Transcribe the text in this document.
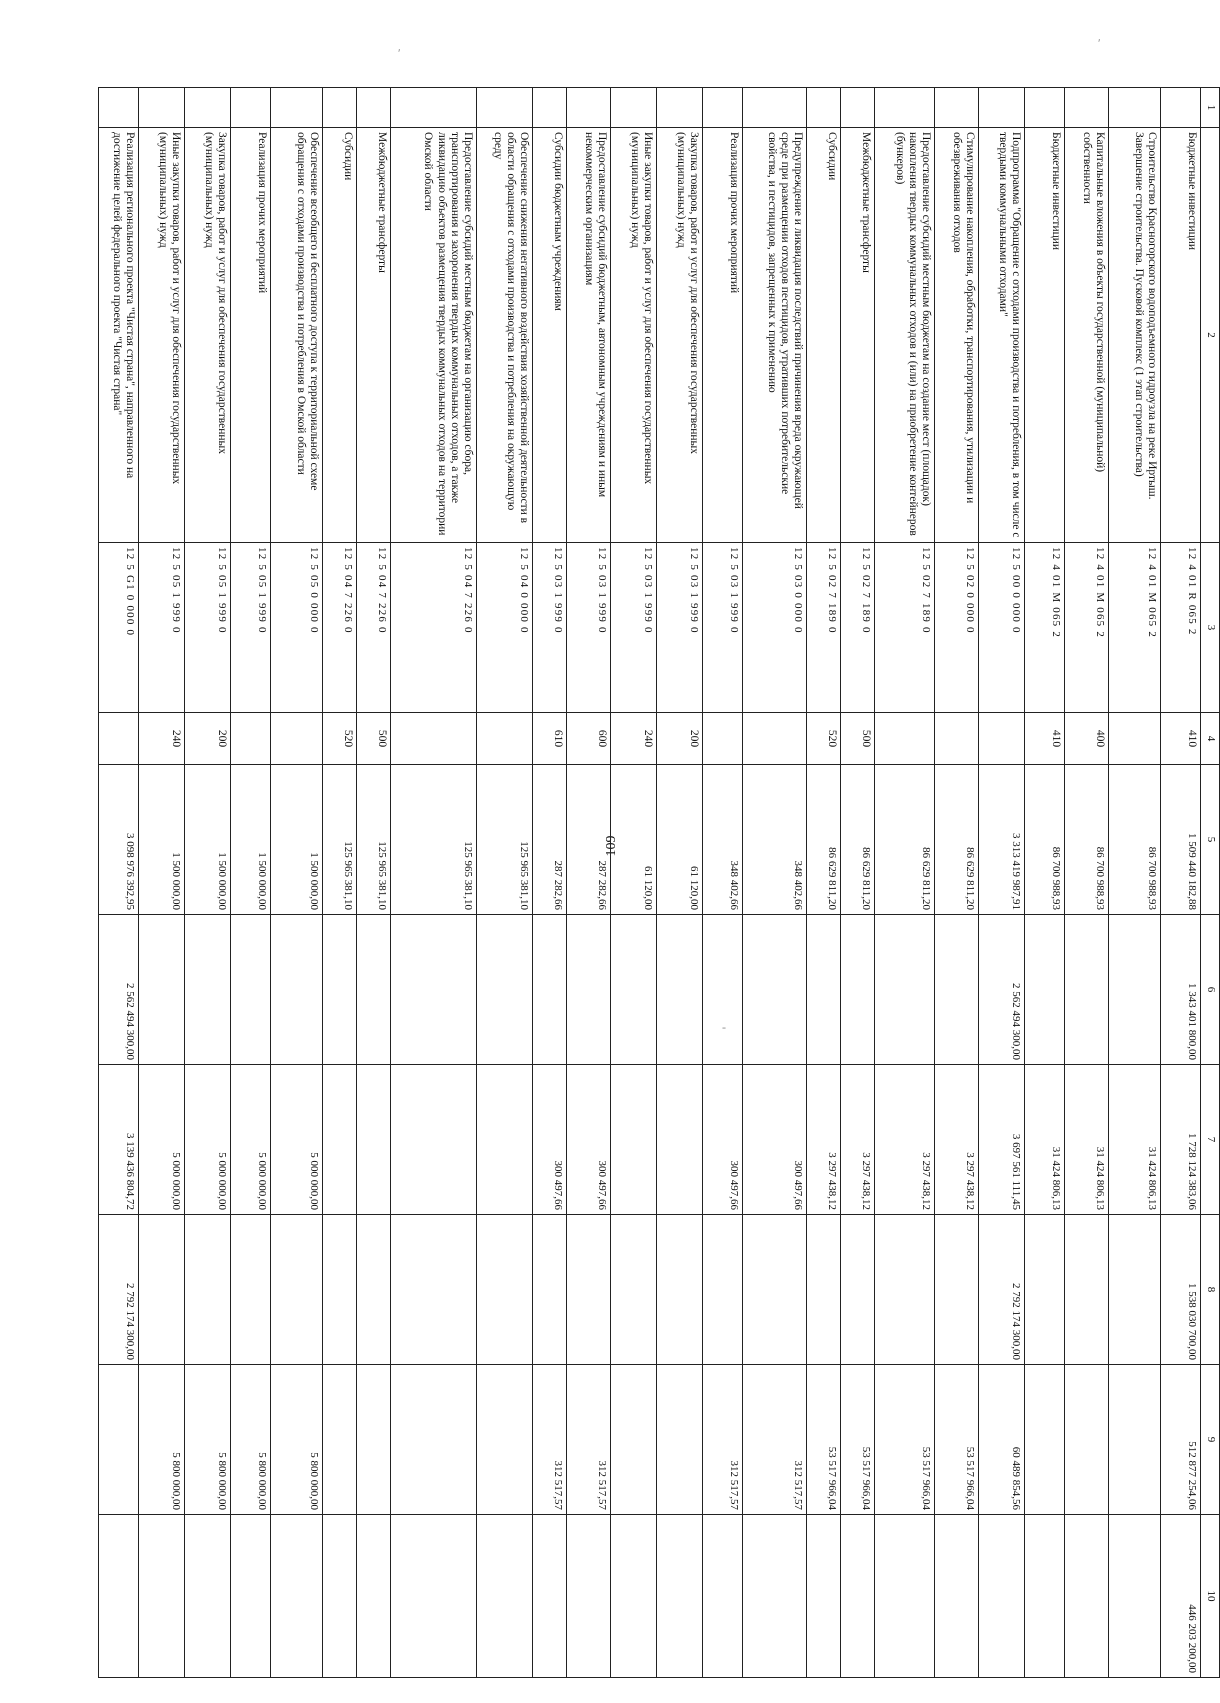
109
1	2	3	4	5	6	7	8	9	10
	Бюджетные инвестиции	12 4 01 R 065 2	410	1 509 440 182,88	1 343 401 800,00	1 728 124 383,06	1 538 030 700,00	512 877 254,06	446 203 200,00
	Строительство Красногорского водоподъемного гидроузла на реке Иртыш. Завершение строительства. Пусковой комплекс (1 этап строительства)	12 4 01 M 065 2		86 700 988,93		31 424 806,13			
	Капитальные вложения в объекты государственной (муниципальной) собственности	12 4 01 M 065 2	400	86 700 988,93		31 424 806,13			
	Бюджетные инвестиции	12 4 01 M 065 2	410	86 700 988,93		31 424 806,13			
	Подпрограмма "Обращение с отходами производства и потребления, в том числе с твердыми коммунальными отходами"	12 5 00 0 000 0		3 313 419 987,91	2 562 494 300,00	3 697 561 111,45	2 792 174 300,00	60 489 854,56	
	Стимулирование накопления, обработки, транспортирования, утилизации и обезвреживания отходов	12 5 02 0 000 0		86 629 811,20		3 297 438,12		53 517 966,04	
	Предоставление субсидий местным бюджетам на создание мест (площадок) накопления твердых коммунальных отходов и (или) на приобретение контейнеров (бункеров)	12 5 02 7 189 0		86 629 811,20		3 297 438,12		53 517 966,04	
	Межбюджетные трансферты	12 5 02 7 189 0	500	86 629 811,20		3 297 438,12		53 517 966,04	
	Субсидии	12 5 02 7 189 0	520	86 629 811,20		3 297 438,12		53 517 966,04	
	Предупреждение и ликвидация последствий причинения вреда окружающей среде при размещении отходов пестицидов, утративших потребительские свойства, и пестицидов, запрещенных к применению	12 5 03 0 000 0		348 402,66		300 497,66		312 517,57	
	Реализация прочих мероприятий	12 5 03 1 999 0		348 402,66		300 497,66		312 517,57	
	Закупка товаров, работ и услуг для обеспечения государственных (муниципальных) нужд	12 5 03 1 999 0	200	61 120,00					
	Иные закупки товаров, работ и услуг для обеспечения государственных (муниципальных) нужд	12 5 03 1 999 0	240	61 120,00					
	Предоставление субсидий бюджетным, автономным учреждениям и иным некоммерческим организациям	12 5 03 1 999 0	600	287 282,66		300 497,66		312 517,57	
	Субсидии бюджетным учреждениям	12 5 03 1 999 0	610	287 282,66		300 497,66		312 517,57	
	Обеспечение снижения негативного воздействия хозяйственной деятельности в области обращения с отходами производства и потребления на окружающую среду	12 5 04 0 000 0		125 965 381,10					
	Предоставление субсидий местным бюджетам на организацию сбора, транспортирования и захоронения твердых коммунальных отходов, а также ликвидацию объектов размещения твердых коммунальных отходов на территории Омской области	12 5 04 7 226 0		125 965 381,10					
	Межбюджетные трансферты	12 5 04 7 226 0	500	125 965 381,10					
	Субсидии	12 5 04 7 226 0	520	125 965 381,10					
	Обеспечение всеобщего и бесплатного доступа к территориальной схеме обращения с отходами производства и потребления в Омской области	12 5 05 0 000 0		1 500 000,00		5 000 000,00		5 800 000,00	
	Реализация прочих мероприятий	12 5 05 1 999 0		1 500 000,00		5 000 000,00		5 800 000,00	
	Закупка товаров, работ и услуг для обеспечения государственных (муниципальных) нужд	12 5 05 1 999 0	200	1 500 000,00		5 000 000,00		5 800 000,00	
	Иные закупки товаров, работ и услуг для обеспечения государственных (муниципальных) нужд	12 5 05 1 999 0	240	1 500 000,00		5 000 000,00		5 800 000,00	
	Реализация регионального проекта "Чистая страна", направленного на достижение целей федерального проекта "Чистая страна"	12 5 G1 0 000 0		3 098 976 392,95	2 562 494 300,00	3 139 436 804,72	2 792 174 300,00		
ʹ
ʹ
-
